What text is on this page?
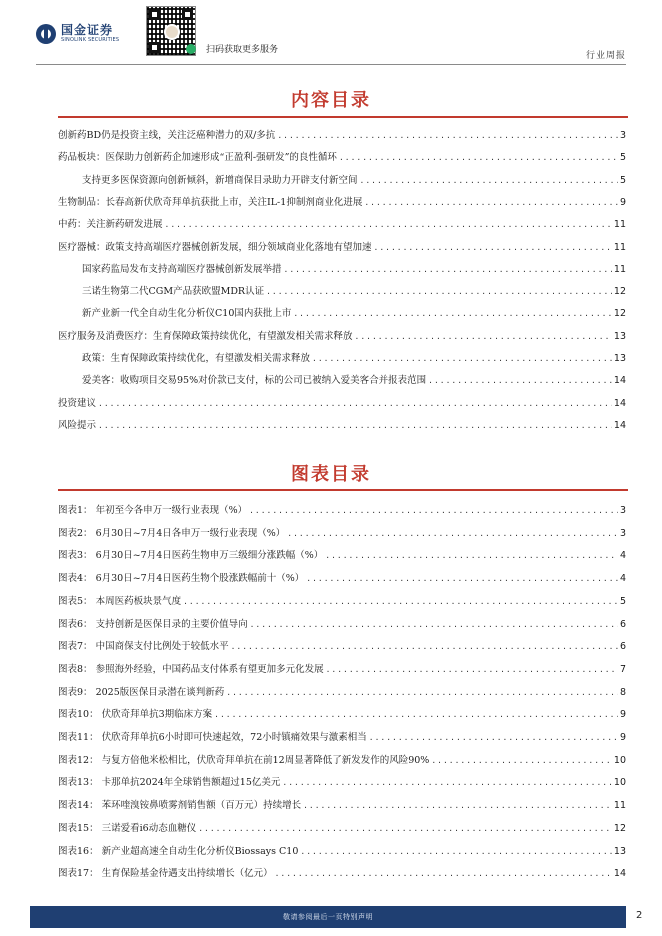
国金证券
SINOLINK SECURITIES
扫码获取更多服务
行业周报
内容目录
创新药BD仍是投资主线，关注泛癌种潜力的双/多抗 .....	3
药品板块：医保助力创新药企加速形成“正盈利-强研发”的良性循环 .....	5
支持更多医保资源向创新倾斜，新增商保目录助力开辟支付新空间 .....	5
生物制品：长春高新伏欣奇拜单抗获批上市，关注IL-1抑制剂商业化进展 .....	9
中药：关注新药研发进展 .....	11
医疗器械：政策支持高端医疗器械创新发展，细分领域商业化落地有望加速 .....	11
国家药监局发布支持高端医疗器械创新发展举措 .....	11
三诺生物第二代CGM产品获欧盟MDR认证 .....	12
新产业新一代全自动生化分析仪C10国内获批上市 .....	12
医疗服务及消费医疗：生育保障政策持续优化，有望激发相关需求释放 .....	13
政策：生育保障政策持续优化，有望激发相关需求释放 .....	13
爱美客：收购项目交易95%对价款已支付，标的公司已被纳入爱美客合并报表范围 .....	14
投资建议 .....	14
风险提示 .....	14
图表目录
图表1： 年初至今各申万一级行业表现（%） .....	3
图表2： 6月30日~7月4日各申万一级行业表现（%） .....	3
图表3： 6月30日~7月4日医药生物申万三级细分涨跌幅（%） .....	4
图表4： 6月30日~7月4日医药生物个股涨跌幅前十（%） .....	4
图表5： 本周医药板块景气度 .....	5
图表6： 支持创新是医保目录的主要价值导向 .....	6
图表7： 中国商保支付比例处于较低水平 .....	6
图表8： 参照海外经验，中国药品支付体系有望更加多元化发展 .....	7
图表9： 2025版医保目录潜在谈判新药 .....	8
图表10： 伏欣奇拜单抗3期临床方案 .....	9
图表11： 伏欣奇拜单抗6小时即可快速起效，72小时镇痛效果与激素相当 .....	9
图表12： 与复方倍他米松相比，伏欣奇拜单抗在前12周显著降低了新发发作的风险90% .....	10
图表13： 卡那单抗2024年全球销售额超过15亿美元 .....	10
图表14： 苯环喹溴铵鼻喷雾剂销售额（百万元）持续增长 .....	11
图表15： 三诺爱看i6动态血糖仪 .....	12
图表16： 新产业超高速全自动生化分析仪Biossays C10 .....	13
图表17： 生育保险基金待遇支出持续增长（亿元） .....	14
敬请参阅最后一页特别声明	2
